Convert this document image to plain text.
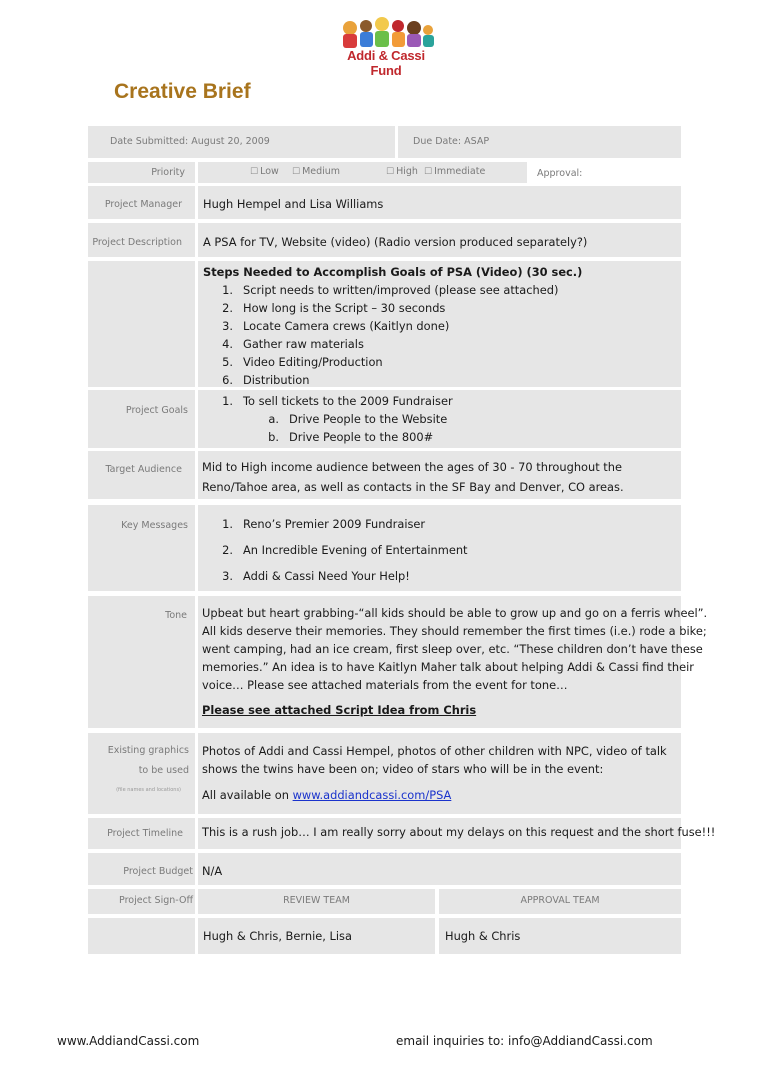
Addi & Cassi Fund
Creative Brief
Date Submitted: August 20, 2009	Due Date: ASAP
Priority	☐ Low ☐ Medium	☐ High ☐ Immediate	Approval:
Project Manager Hugh Hempel and Lisa Williams
Project Description A PSA for TV, Website (video) (Radio version produced separately?)
Steps Needed to Accomplish Goals of PSA (Video) (30 sec.)
1. Script needs to written/improved (please see attached)
2. How long is the Script – 30 seconds
3. Locate Camera crews (Kaitlyn done)
4. Gather raw materials
5. Video Editing/Production
6. Distribution
Project Goals
1. To sell tickets to the 2009 Fundraiser
a. Drive People to the Website
b. Drive People to the 800#
Target Audience Mid to High income audience between the ages of 30 - 70 throughout the
Reno/Tahoe area, as well as contacts in the SF Bay and Denver, CO areas.
Key Messages	1. Reno’s Premier 2009 Fundraiser
2. An Incredible Evening of Entertainment
3. Addi & Cassi Need Your Help!
Tone Upbeat but heart grabbing-“all kids should be able to grow up and go on a ferris wheel”.
All kids deserve their memories. They should remember the first times (i.e.) rode a bike;
went camping, had an ice cream, first sleep over, etc. “These children don’t have these
memories.” An idea is to have Kaitlyn Maher talk about helping Addi & Cassi find their
voice… Please see attached materials from the event for tone…
Please see attached Script Idea from Chris
Existing graphics
to be used
(file names and locations)
Photos of Addi and Cassi Hempel, photos of other children with NPC, video of talk
shows the twins have been on; video of stars who will be in the event:
All available on www.addiandcassi.com/PSA
Project Timeline This is a rush job… I am really sorry about my delays on this request and the short fuse!!!
Project Budget N/A
Project Sign-Off	REVIEW TEAM	APPROVAL TEAM
Hugh & Chris, Bernie, Lisa	Hugh & Chris
www.AddiandCassi.com	email inquiries to: info@AddiandCassi.com
